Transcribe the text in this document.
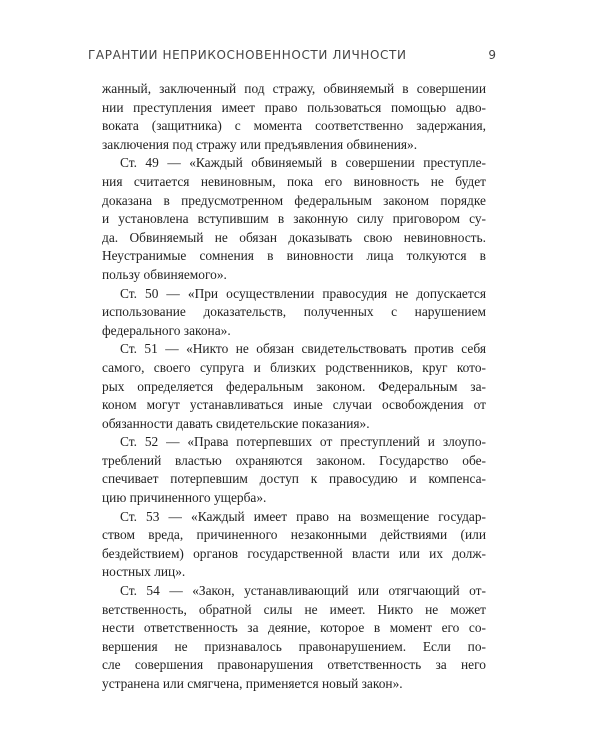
ГАРАНТИИ НЕПРИКОСНОВЕННОСТИ ЛИЧНОСТИ	9
жанный, заключенный под стражу, обвиняемый в совершении
нии преступления имеет право пользоваться помощью адво-
воката (защитника) с момента соответственно задержания,
заключения под стражу или предъявления обвинения».
Ст. 49 — «Каждый обвиняемый в совершении преступле-
ния считается невиновным, пока его виновность не будет
доказана в предусмотренном федеральным законом порядке
и установлена вступившим в законную силу приговором су-
да. Обвиняемый не обязан доказывать свою невиновность.
Неустранимые сомнения в виновности лица толкуются в
пользу обвиняемого».
Ст. 50 — «При осуществлении правосудия не допускается
использование доказательств, полученных с нарушением
федерального закона».
Ст. 51 — «Никто не обязан свидетельствовать против себя
самого, своего супруга и близких родственников, круг кото-
рых определяется федеральным законом. Федеральным за-
коном могут устанавливаться иные случаи освобождения от
обязанности давать свидетельские показания».
Ст. 52 — «Права потерпевших от преступлений и злоупо-
треблений властью охраняются законом. Государство обе-
спечивает потерпевшим доступ к правосудию и компенса-
цию причиненного ущерба».
Ст. 53 — «Каждый имеет право на возмещение государ-
ством вреда, причиненного незаконными действиями (или
бездействием) органов государственной власти или их долж-
ностных лиц».
Ст. 54 — «Закон, устанавливающий или отягчающий от-
ветственность, обратной силы не имеет. Никто не может
нести ответственность за деяние, которое в момент его со-
вершения не признавалось правонарушением. Если по-
сле совершения правонарушения ответственность за него
устранена или смягчена, применяется новый закон».
